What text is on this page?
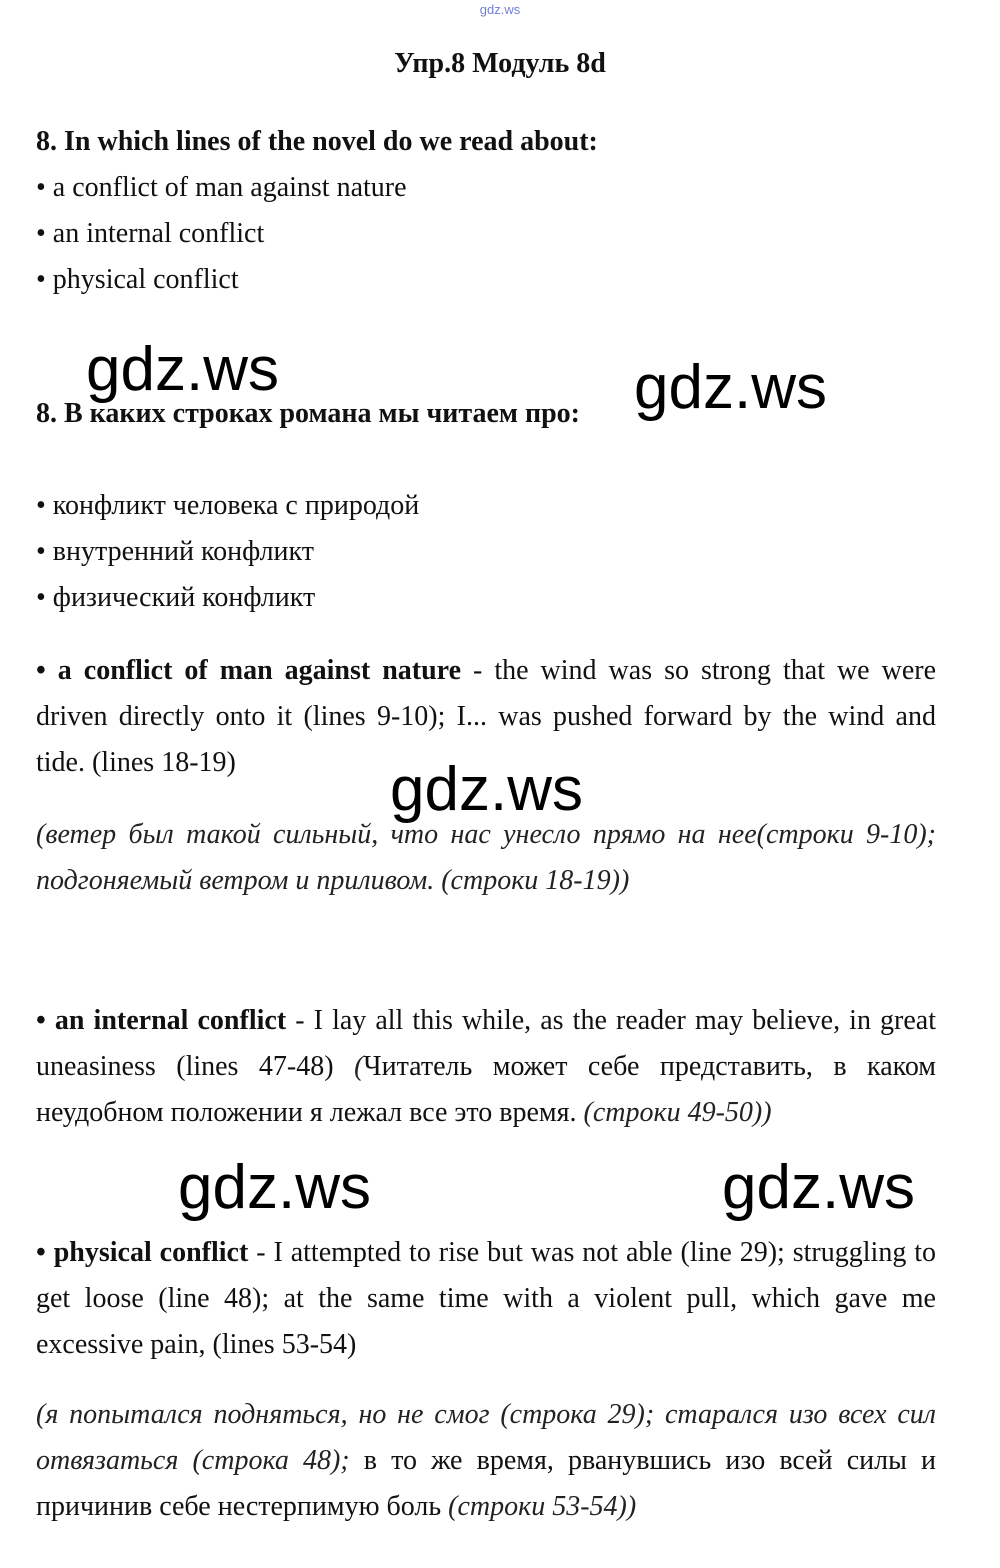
gdz.ws
Упр.8 Модуль 8d
8. In which lines of the novel do we read about:
• a conflict of man against nature
• an internal conflict
• physical conflict
gdz.ws	gdz.ws
8. В каких строках романа мы читаем про:
• конфликт человека с природой
• внутренний конфликт
• физический конфликт
• a conflict of man against nature - the wind was so strong that we were driven directly onto it (lines 9-10); I... was pushed forward by the wind and tide. (lines 18-19)	gdz.ws
(ветер был такой сильный, что нас унесло прямо на нее(строки 9-10); подгоняемый ветром и приливом. (строки 18-19))
• an internal conflict - I lay all this while, as the reader may believe, in great uneasiness (lines 47-48) (Читатель может себе представить, в каком неудобном положении я лежал все это время. (строки 49-50))
gdz.ws	gdz.ws
• physical conflict - I attempted to rise but was not able (line 29); struggling to get loose (line 48); at the same time with a violent pull, which gave me excessive pain, (lines 53-54)
(я попытался подняться, но не смог (строка 29); старался изо всех сил отвязаться (строка 48); в то же время, рванувшись изо всей силы и причинив себе нестерпимую боль (строки 53-54))
